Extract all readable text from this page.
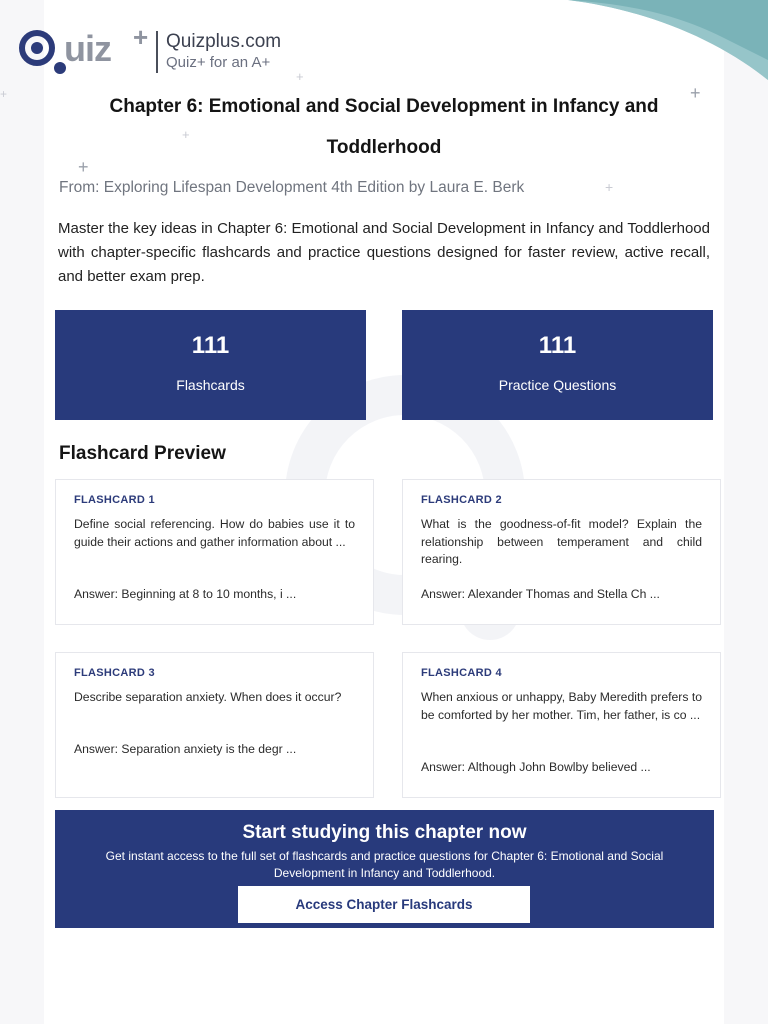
+
+
+
+
+
+
uiz + Quizplus.com
Quiz+ for an A+
Chapter 6: Emotional and Social Development in Infancy and Toddlerhood
From: Exploring Lifespan Development 4th Edition by Laura E. Berk

Master the key ideas in Chapter 6: Emotional and Social Development in Infancy and Toddlerhood with chapter-specific flashcards and practice questions designed for faster review, active recall, and better exam prep.

111
Flashcards
111
Practice Questions
Flashcard Preview
FLASHCARD 1
Define social referencing. How do babies use it to guide their actions and gather information about ...
Answer: Beginning at 8 to 10 months, i ...
FLASHCARD 2
What is the goodness-of-fit model? Explain the relationship between temperament and child rearing.
Answer: Alexander Thomas and Stella Ch ...
FLASHCARD 3
Describe separation anxiety. When does it occur?
Answer: Separation anxiety is the degr ...
FLASHCARD 4
When anxious or unhappy, Baby Meredith prefers to be comforted by her mother. Tim, her father, is co ...
Answer: Although John Bowlby believed ...
Start studying this chapter now
Get instant access to the full set of flashcards and practice questions for Chapter 6: Emotional and Social Development in Infancy and Toddlerhood.
Access Chapter Flashcards
